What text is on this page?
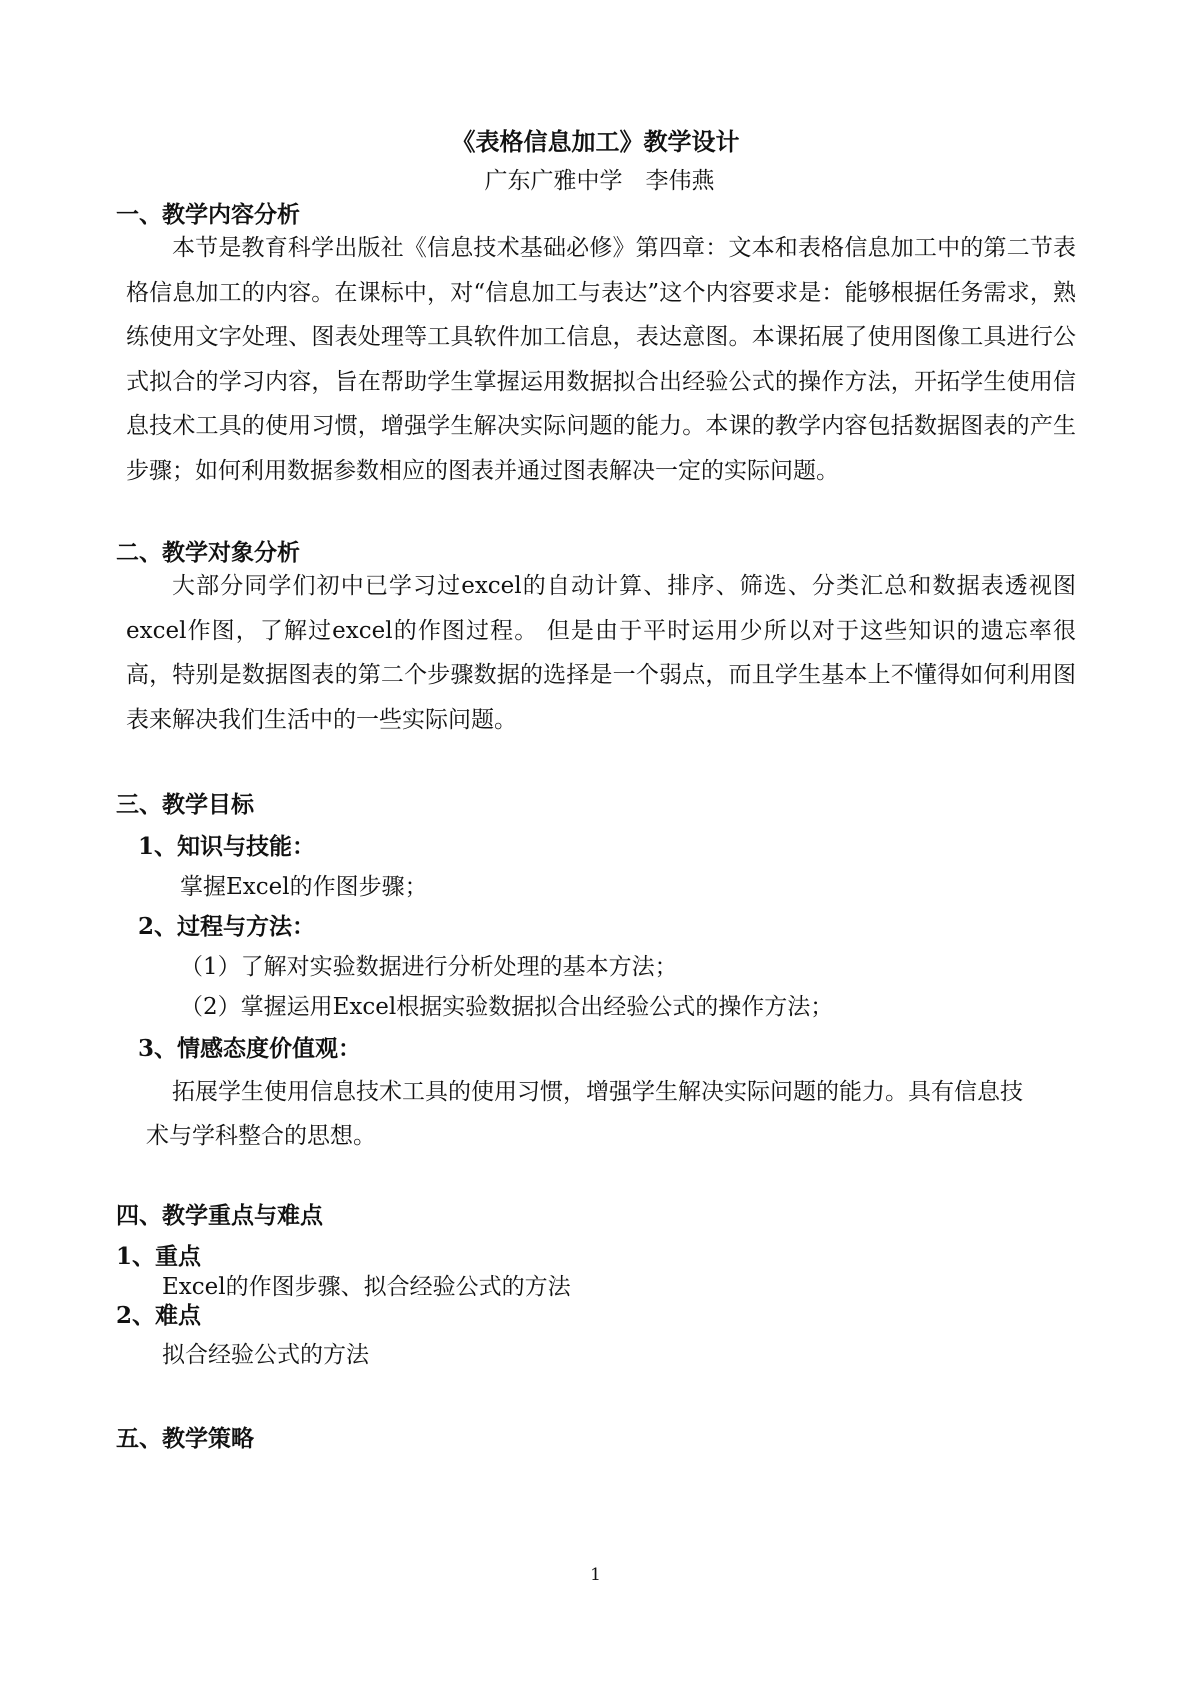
《表格信息加工》教学设计
广东广雅中学　李伟燕
一、教学内容分析
本节是教育科学出版社《信息技术基础必修》第四章：文本和表格信息加工中的第二节表格信息加工的内容。在课标中，对“信息加工与表达”这个内容要求是：能够根据任务需求，熟练使用文字处理、图表处理等工具软件加工信息，表达意图。本课拓展了使用图像工具进行公式拟合的学习内容，旨在帮助学生掌握运用数据拟合出经验公式的操作方法，开拓学生使用信息技术工具的使用习惯，增强学生解决实际问题的能力。本课的教学内容包括数据图表的产生步骤；如何利用数据参数相应的图表并通过图表解决一定的实际问题。
二、教学对象分析
大部分同学们初中已学习过excel的自动计算、排序、筛选、分类汇总和数据表透视图excel作图，了解过excel的作图过程。 但是由于平时运用少所以对于这些知识的遗忘率很高，特别是数据图表的第二个步骤数据的选择是一个弱点，而且学生基本上不懂得如何利用图表来解决我们生活中的一些实际问题。
三、教学目标
1、知识与技能：
掌握Excel的作图步骤；
2、过程与方法：
（1）了解对实验数据进行分析处理的基本方法；
（2）掌握运用Excel根据实验数据拟合出经验公式的操作方法；
3、情感态度价值观：
拓展学生使用信息技术工具的使用习惯，增强学生解决实际问题的能力。具有信息技
术与学科整合的思想。
四、教学重点与难点
1、重点
Excel的作图步骤、拟合经验公式的方法
2、难点
拟合经验公式的方法
五、教学策略
1
